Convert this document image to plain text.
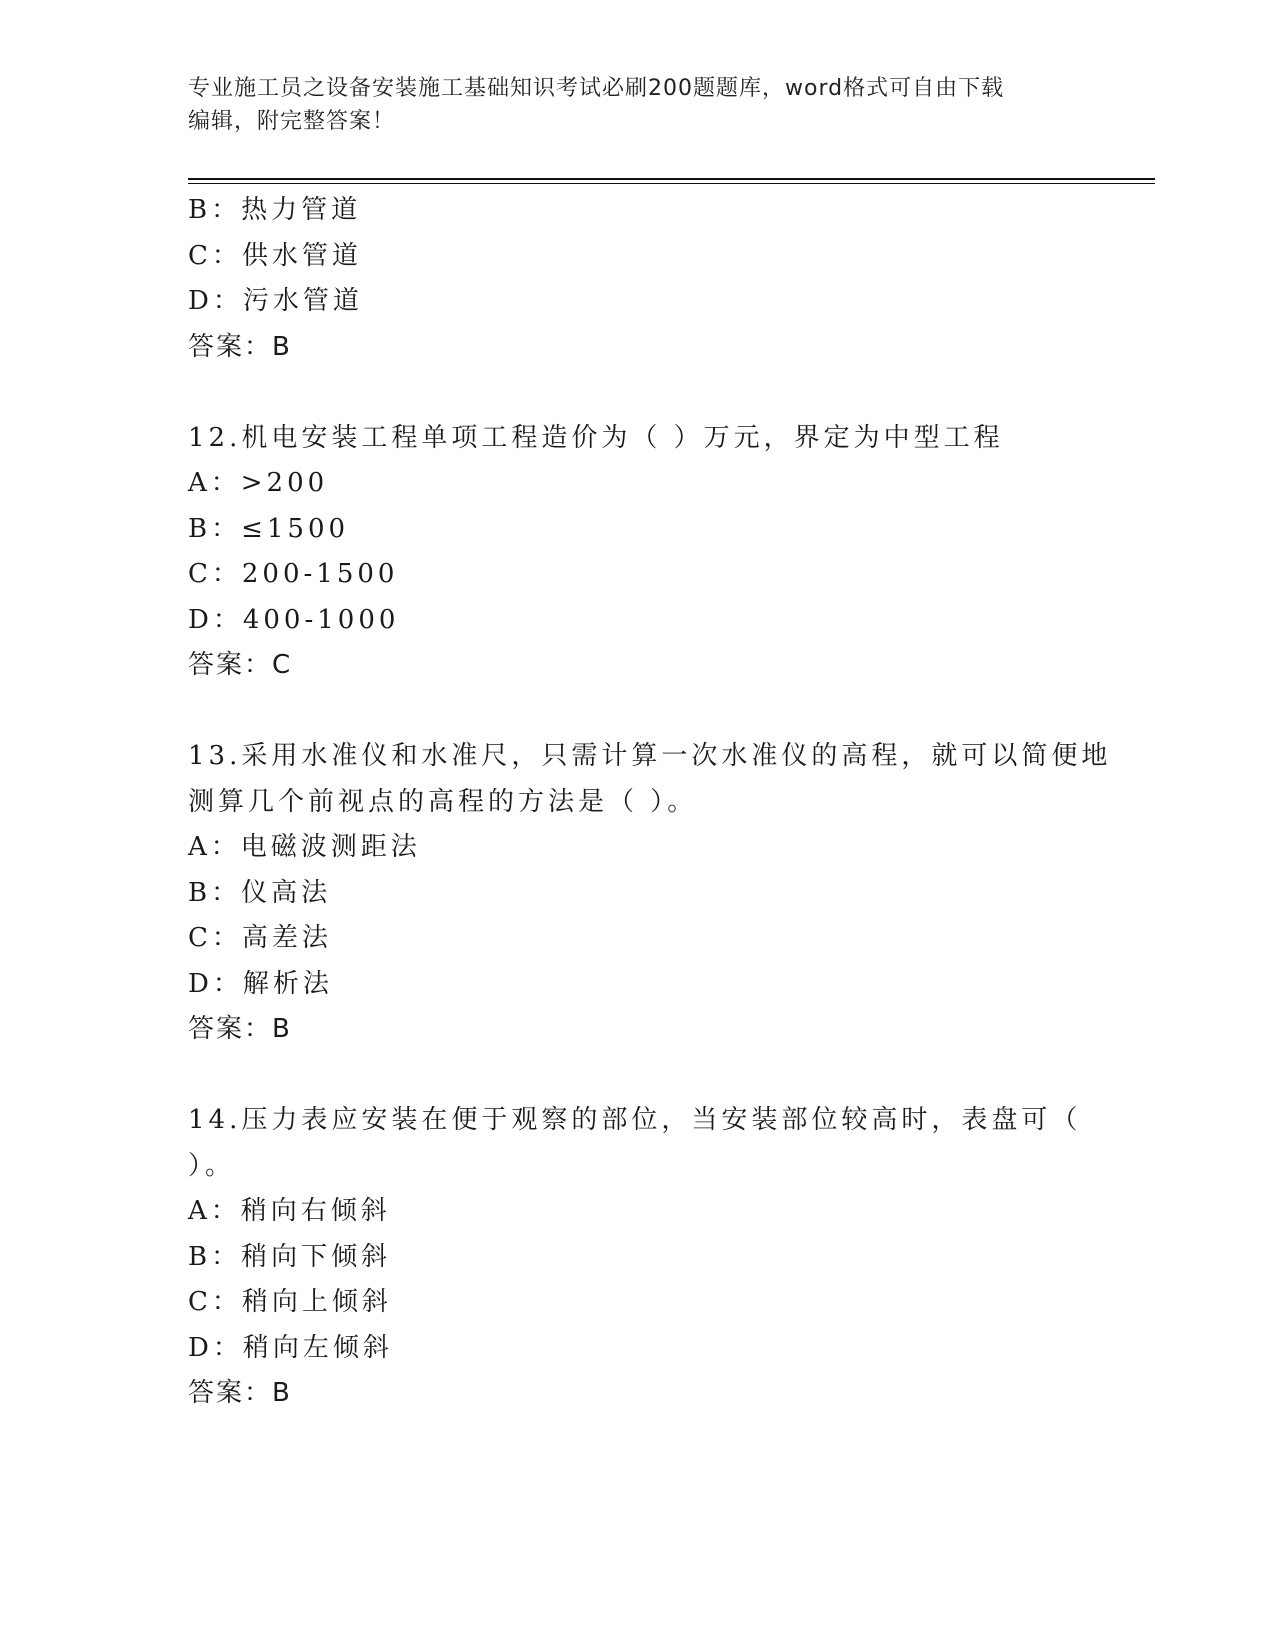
专业施工员之设备安装施工基础知识考试必刷200题题库，word格式可自由下载
编辑，附完整答案！
B：热力管道
C：供水管道
D：污水管道
答案：B
12.机电安装工程单项工程造价为（ ）万元，界定为中型工程
A：>200
B：≤1500
C：200-1500
D：400-1000
答案：C
13.采用水准仪和水准尺，只需计算一次水准仪的高程，就可以简便地
测算几个前视点的高程的方法是（ ）。
A：电磁波测距法
B：仪高法
C：高差法
D：解析法
答案：B
14.压力表应安装在便于观察的部位，当安装部位较高时，表盘可（
）。
A：稍向右倾斜
B：稍向下倾斜
C：稍向上倾斜
D：稍向左倾斜
答案：B
